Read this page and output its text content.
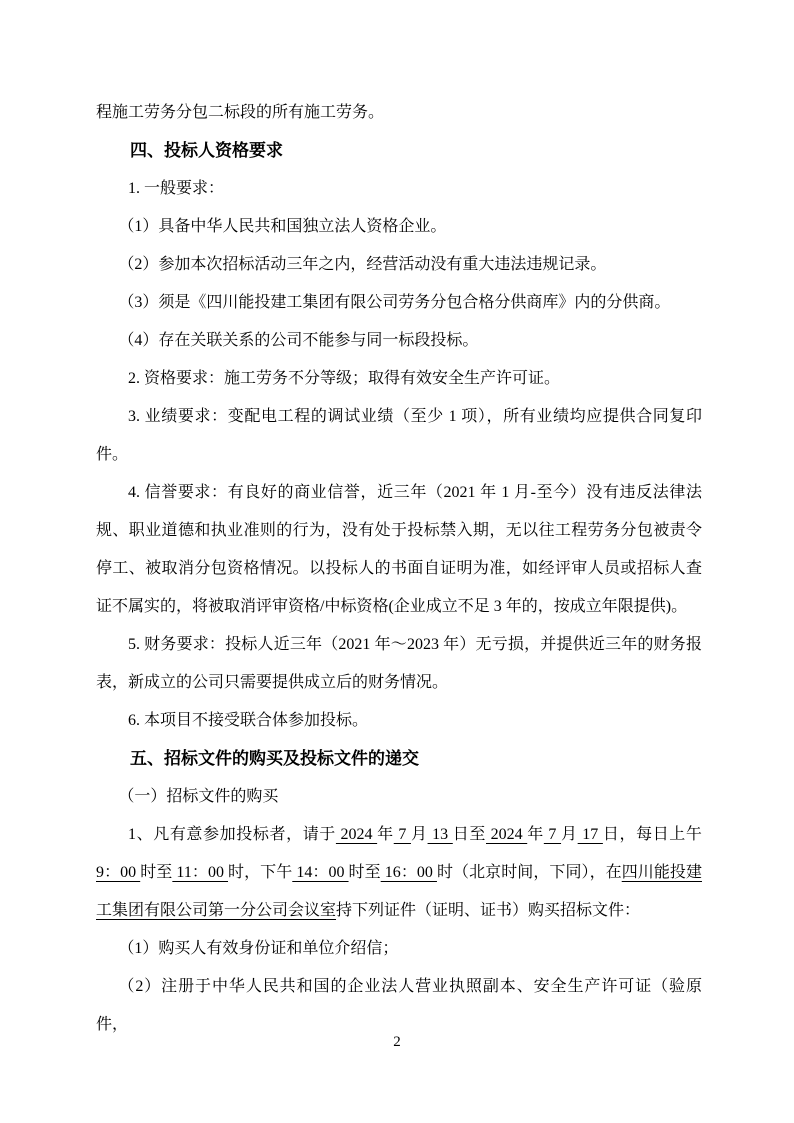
程施工劳务分包二标段的所有施工劳务。

四、投标人资格要求

1. 一般要求：

（1）具备中华人民共和国独立法人资格企业。

（2）参加本次招标活动三年之内，经营活动没有重大违法违规记录。

（3）须是《四川能投建工集团有限公司劳务分包合格分供商库》内的分供商。

（4）存在关联关系的公司不能参与同一标段投标。

2. 资格要求：施工劳务不分等级；取得有效安全生产许可证。

3. 业绩要求：变配电工程的调试业绩（至少 1 项），所有业绩均应提供合同复印件。

4. 信誉要求：有良好的商业信誉，近三年（2021 年 1 月-至今）没有违反法律法规、职业道德和执业准则的行为，没有处于投标禁入期，无以往工程劳务分包被责令停工、被取消分包资格情况。以投标人的书面自证明为准，如经评审人员或招标人查证不属实的，将被取消评审资格/中标资格(企业成立不足 3 年的，按成立年限提供)。

5. 财务要求：投标人近三年（2021 年～2023 年）无亏损，并提供近三年的财务报表，新成立的公司只需要提供成立后的财务情况。

6. 本项目不接受联合体参加投标。

五、招标文件的购买及投标文件的递交

（一）招标文件的购买

1、凡有意参加投标者，请于 2024 年 7 月 13 日至 2024 年 7 月 17 日，每日上午 9：00 时至 11：00 时，下午 14：00 时至 16：00 时（北京时间，下同），在四川能投建工集团有限公司第一分公司会议室持下列证件（证明、证书）购买招标文件：

（1）购买人有效身份证和单位介绍信；

（2）注册于中华人民共和国的企业法人营业执照副本、安全生产许可证（验原件，

2
